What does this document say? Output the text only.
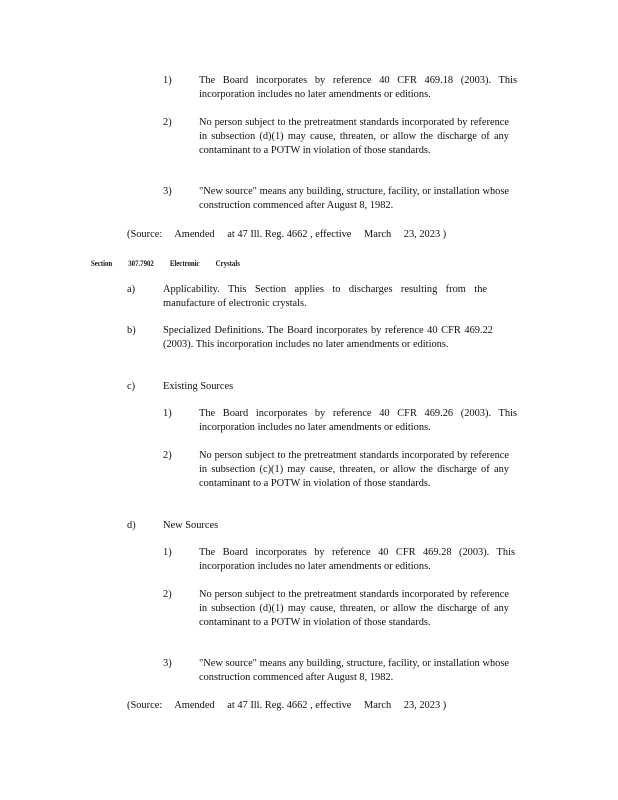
1)	The Board incorporates by reference 40 CFR 469.18 (2003). This incorporation includes no later amendments or editions.
2)	No person subject to the pretreatment standards incorporated by reference in subsection (d)(1) may cause, threaten, or allow the discharge of any contaminant to a POTW in violation of those standards.
3)	"New source" means any building, structure, facility, or installation whose construction commenced after August 8, 1982.
(Source: Amended at 47 Ill. Reg. 4662 , effective March 23, 2023 )
Section 307.7902 Electronic Crystals
a)	Applicability. This Section applies to discharges resulting from the manufacture of electronic crystals.
b)	Specialized Definitions. The Board incorporates by reference 40 CFR 469.22 (2003). This incorporation includes no later amendments or editions.
c)	Existing Sources
1)	The Board incorporates by reference 40 CFR 469.26 (2003). This incorporation includes no later amendments or editions.
2)	No person subject to the pretreatment standards incorporated by reference in subsection (c)(1) may cause, threaten, or allow the discharge of any contaminant to a POTW in violation of those standards.
d)	New Sources
1)	The Board incorporates by reference 40 CFR 469.28 (2003). This incorporation includes no later amendments or editions.
2)	No person subject to the pretreatment standards incorporated by reference in subsection (d)(1) may cause, threaten, or allow the discharge of any contaminant to a POTW in violation of those standards.
3)	"New source" means any building, structure, facility, or installation whose construction commenced after August 8, 1982.
(Source: Amended at 47 Ill. Reg. 4662 , effective March 23, 2023 )
